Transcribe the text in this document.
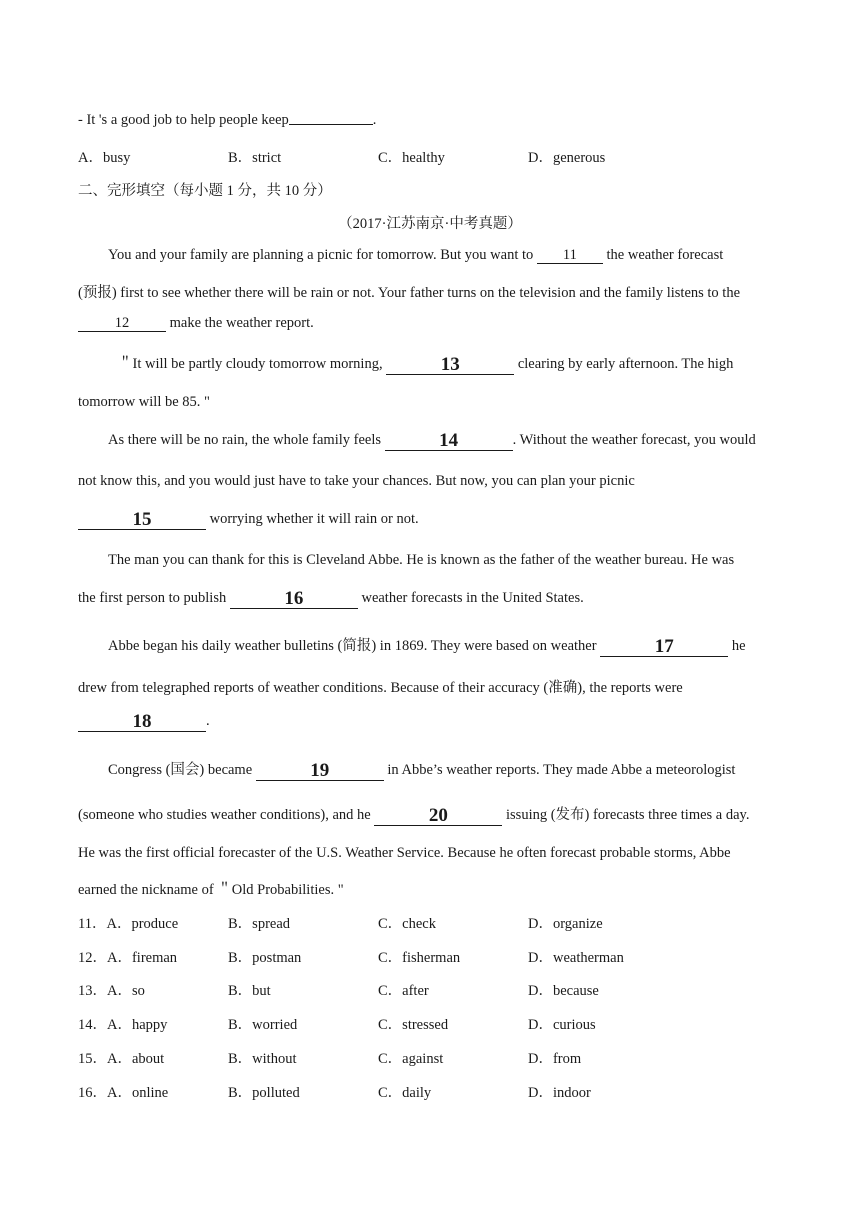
- It 's a good job to help people keep	.
A．busy	B．strict	C．healthy	D．generous
二、完形填空（每小题 1 分，共 10 分）
（2017·江苏南京·中考真题）
You and your family are planning a picnic for tomorrow. But you want to 11 the weather forecast
(预报) first to see whether there will be rain or not. Your father turns on the television and the family listens to the
12	make the weather report.
＂It will be partly cloudy tomorrow morning,	13	clearing by early afternoon. The high
tomorrow will be 85. "
As there will be no rain, the whole family feels	14	. Without the weather forecast, you would
not know this, and you would just have to take your chances. But now, you can plan your picnic
15	worrying whether it will rain or not.
The man you can thank for this is Cleveland Abbe. He is known as the father of the weather bureau. He was
the first person to publish	16	weather forecasts in the United States.
Abbe began his daily weather bulletins (简报) in 1869. They were based on weather	17	he
drew from telegraphed reports of weather conditions. Because of their accuracy (准确), the reports were
18	.
Congress (国会) became	19	in Abbe’s weather reports. They made Abbe a meteorologist
(someone who studies weather conditions), and he	20	issuing (发布) forecasts three times a day.
He was the first official forecaster of the U.S. Weather Service. Because he often forecast probable storms, Abbe
earned the nickname of ＂Old Probabilities. "
11．A．produce	B．spread	C．check	D．organize
12．A．fireman	B．postman	C．fisherman	D．weatherman
13．A．so	B．but	C．after	D．because
14．A．happy	B．worried	C．stressed	D．curious
15．A．about	B．without	C．against	D．from
16．A．online	B．polluted	C．daily	D．indoor
